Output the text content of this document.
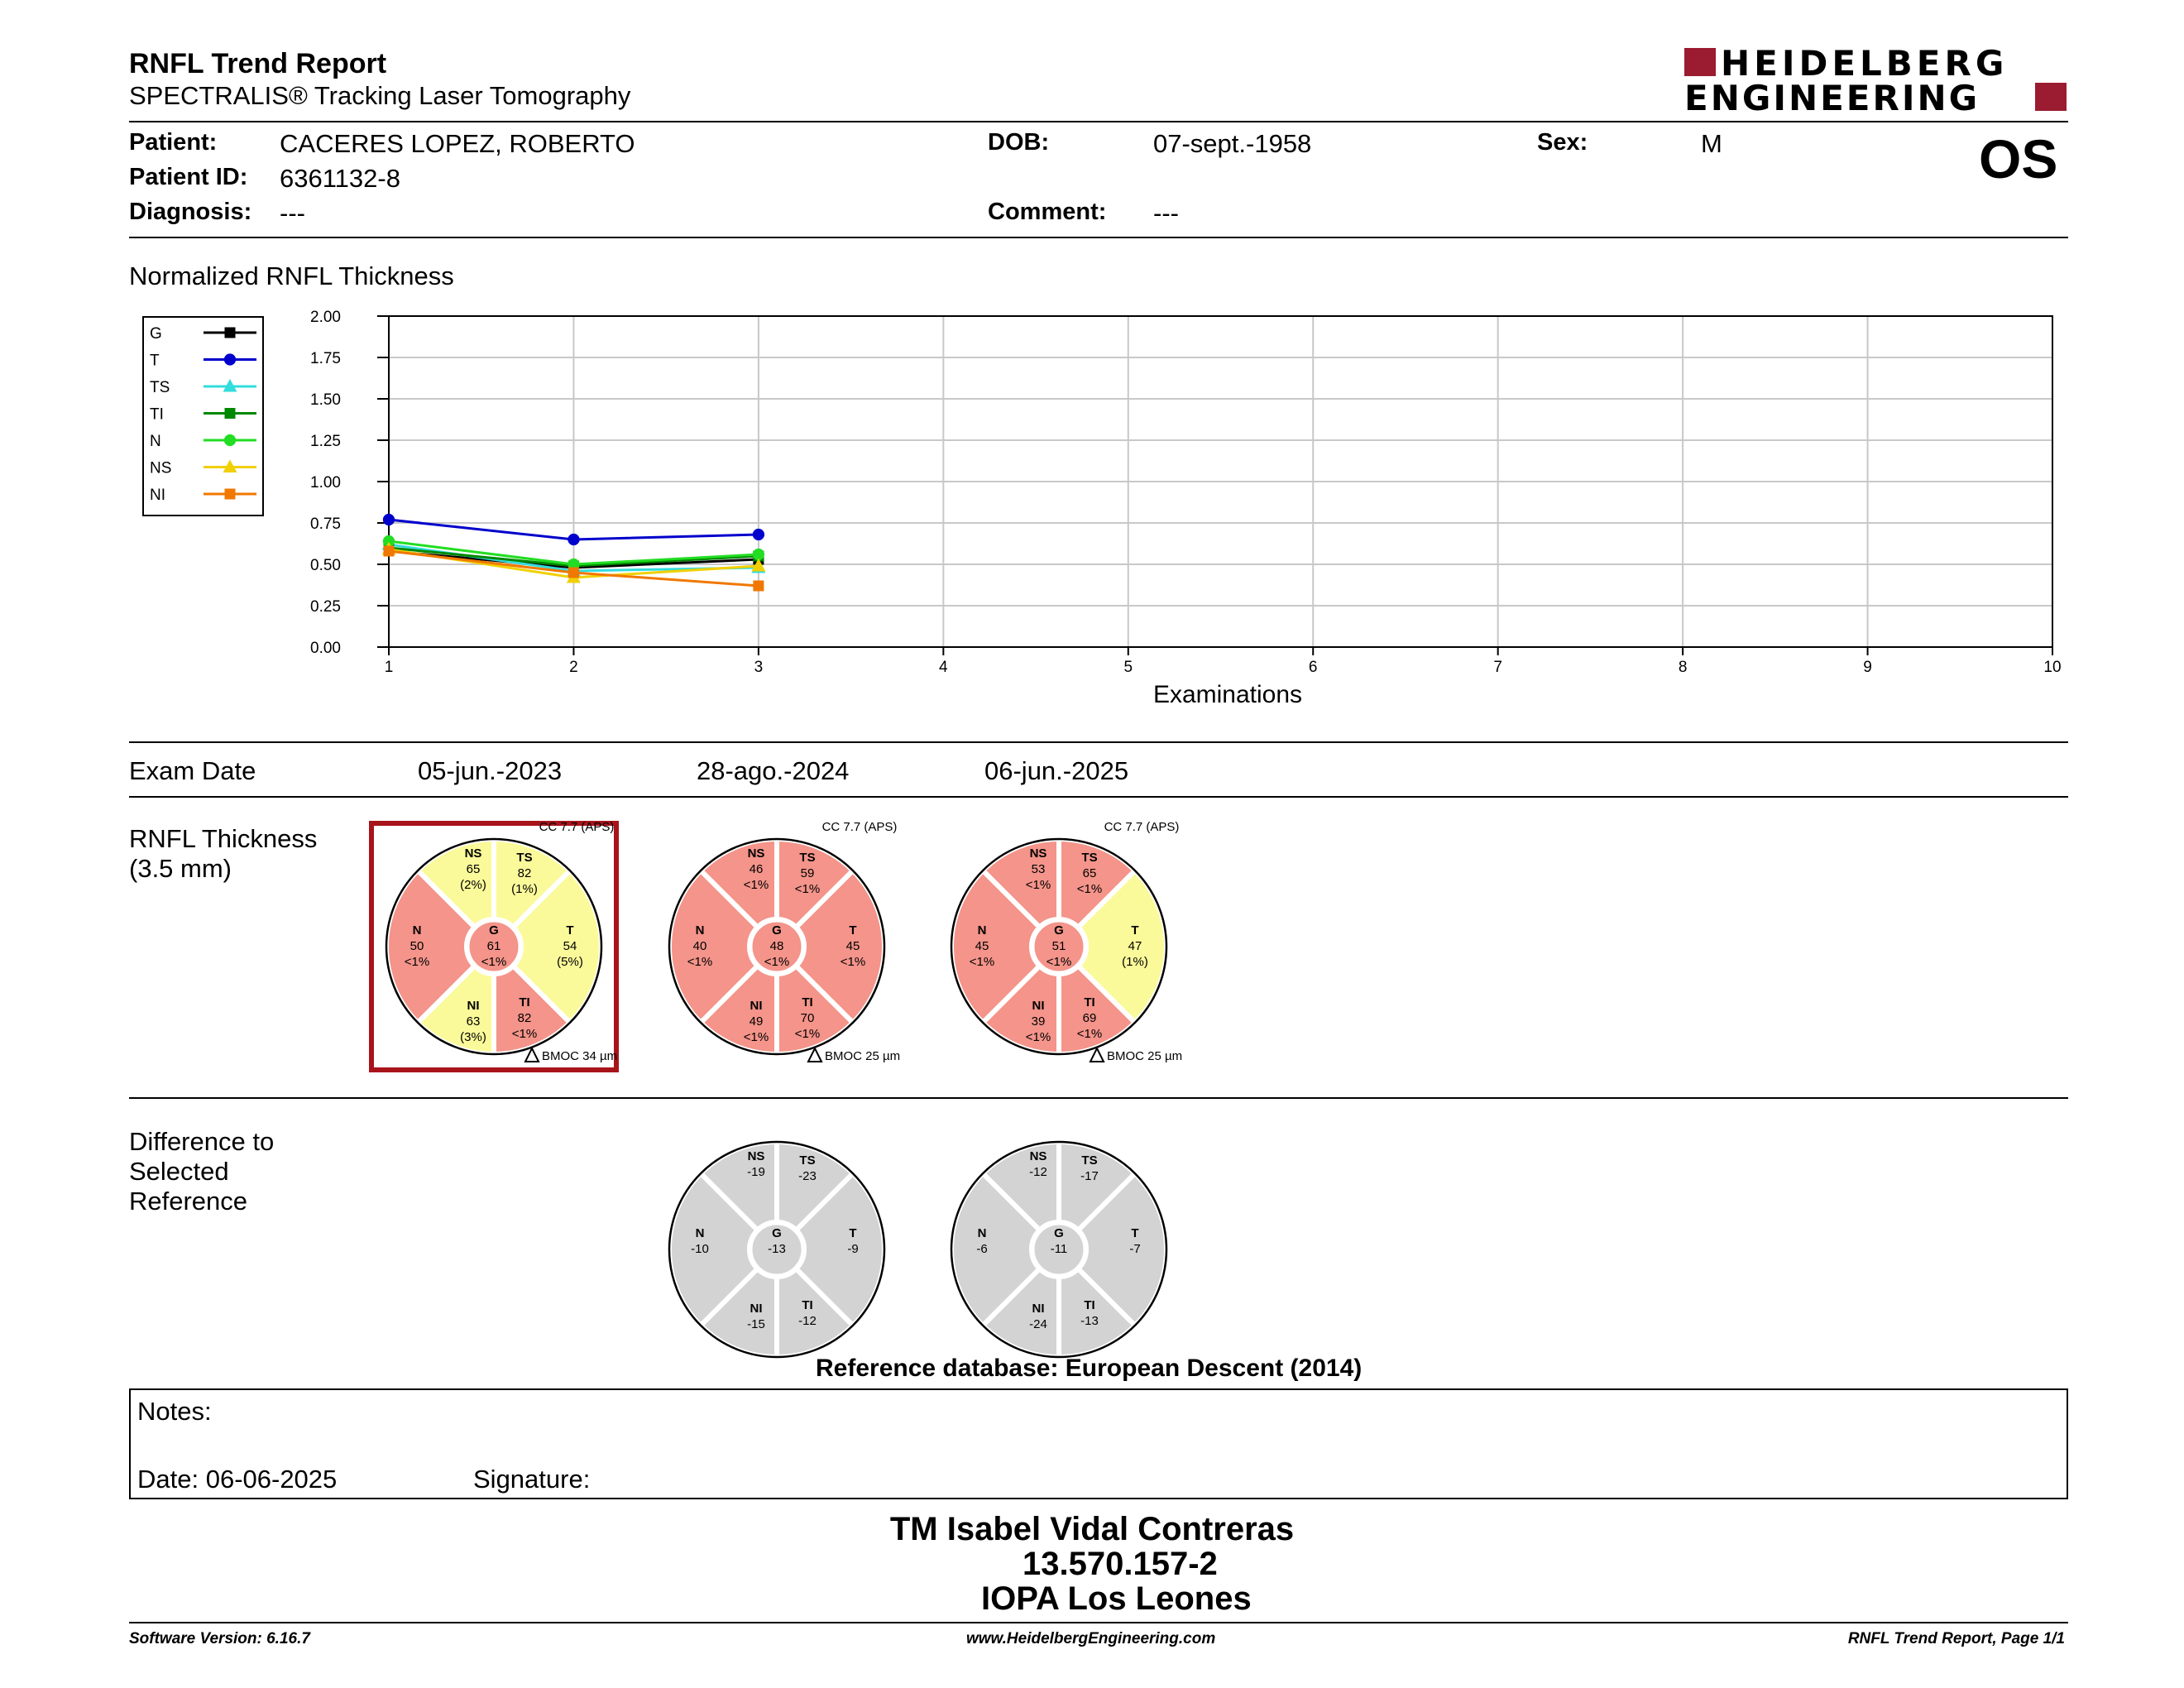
RNFL Trend Report
SPECTRALIS® Tracking Laser Tomography
HEIDELBERG
ENGINEERING
Patient: CACERES LOPEZ, ROBERTO
Patient ID: 6361132-8
Diagnosis: ---
DOB:	07-sept.-1958
Comment: ---
Sex:	M	OS
Normalized RNFL Thickness
G
T
TS
TI
N
NS
NI
0.00
0.25
0.50
0.75
1.00
1.25
1.50
1.75
2.00
1	2	3	4	5	6	7	8	9	10
Examinations
Exam Date	05-jun.-2023	28-ago.-2024	06-jun.-2025
RNFL Thickness
(3.5 mm)
NS
65
(2%)
TS
82
(1%)
T
54
(5%)
TI
82
<1%
NI
63
(3%)
N
50
<1%
G
61
<1%
CC 7.7 (APS)
BMOC 34 µm
NS
46
<1%
TS
59
<1%
T
45
<1%
TI
70
<1%
NI
49
<1%
N
40
<1%
G
48
<1%
CC 7.7 (APS)
BMOC 25 µm
NS
53
<1%
TS
65
<1%
T
47
(1%)
TI
69
<1%
NI
39
<1%
N
45
<1%
G
51
<1%
CC 7.7 (APS)
BMOC 25 µm
NS
-19
TS
-23
T
-9
TI
-12
NI
-15
N
-10
G
-13
NS
-12
TS
-17
T
-7
TI
-13
NI
-24
N
-6
G
-11
Difference to
Selected
Reference
Reference database: European Descent (2014)
Notes:
Date: 06-06-2025	Signature:
TM Isabel Vidal Contreras
13.570.157-2
IOPA Los Leones
Software Version: 6.16.7	www.HeidelbergEngineering.com	RNFL Trend Report, Page 1/1
